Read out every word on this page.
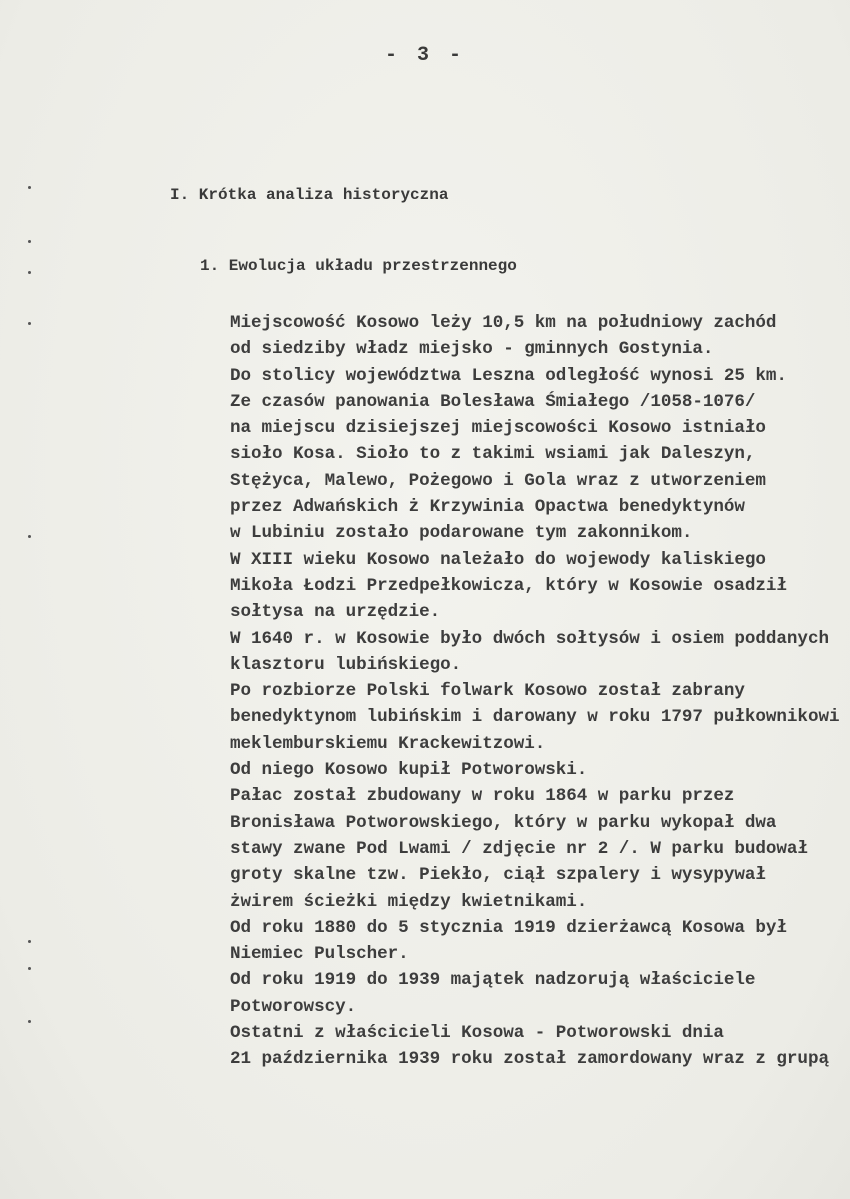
- 3 -
I. Krótka analiza historyczna
1. Ewolucja układu przestrzennego
Miejscowość Kosowo leży 10,5 km na południowy zachód
od siedziby władz miejsko - gminnych Gostynia.
Do stolicy województwa Leszna odległość wynosi 25 km.
Ze czasów panowania Bolesława Śmiałego /1058-1076/
na miejscu dzisiejszej miejscowości Kosowo istniało
sioło Kosa. Sioło to z takimi wsiami jak Daleszyn,
Stężyca, Malewo, Pożegowo i Gola wraz z utworzeniem
przez Adwańskich ż Krzywinia Opactwa benedyktynów
w Lubiniu zostało podarowane tym zakonnikom.
W XIII wieku Kosowo należało do wojewody kaliskiego
Mikoła Łodzi Przedpełkowicza, który w Kosowie osadził
sołtysa na urzędzie.
W 1640 r. w Kosowie było dwóch sołtysów i osiem poddanych
klasztoru lubińskiego.
Po rozbiorze Polski folwark Kosowo został zabrany
benedyktynom lubińskim i darowany w roku 1797 pułkownikowi
meklemburskiemu Krackewitzowi.
Od niego Kosowo kupił Potworowski.
Pałac został zbudowany w roku 1864 w parku przez
Bronisława Potworowskiego, który w parku wykopał dwa
stawy zwane Pod Lwami / zdjęcie nr 2 /. W parku budował
groty skalne tzw. Piekło, ciął szpalery i wysypywał
żwirem ścieżki między kwietnikami.
Od roku 1880 do 5 stycznia 1919 dzierżawcą Kosowa był
Niemiec Pulscher.
Od roku 1919 do 1939 majątek nadzorują właściciele
Potworowscy.
Ostatni z właścicieli Kosowa - Potworowski dnia
21 października 1939 roku został zamordowany wraz z grupą
